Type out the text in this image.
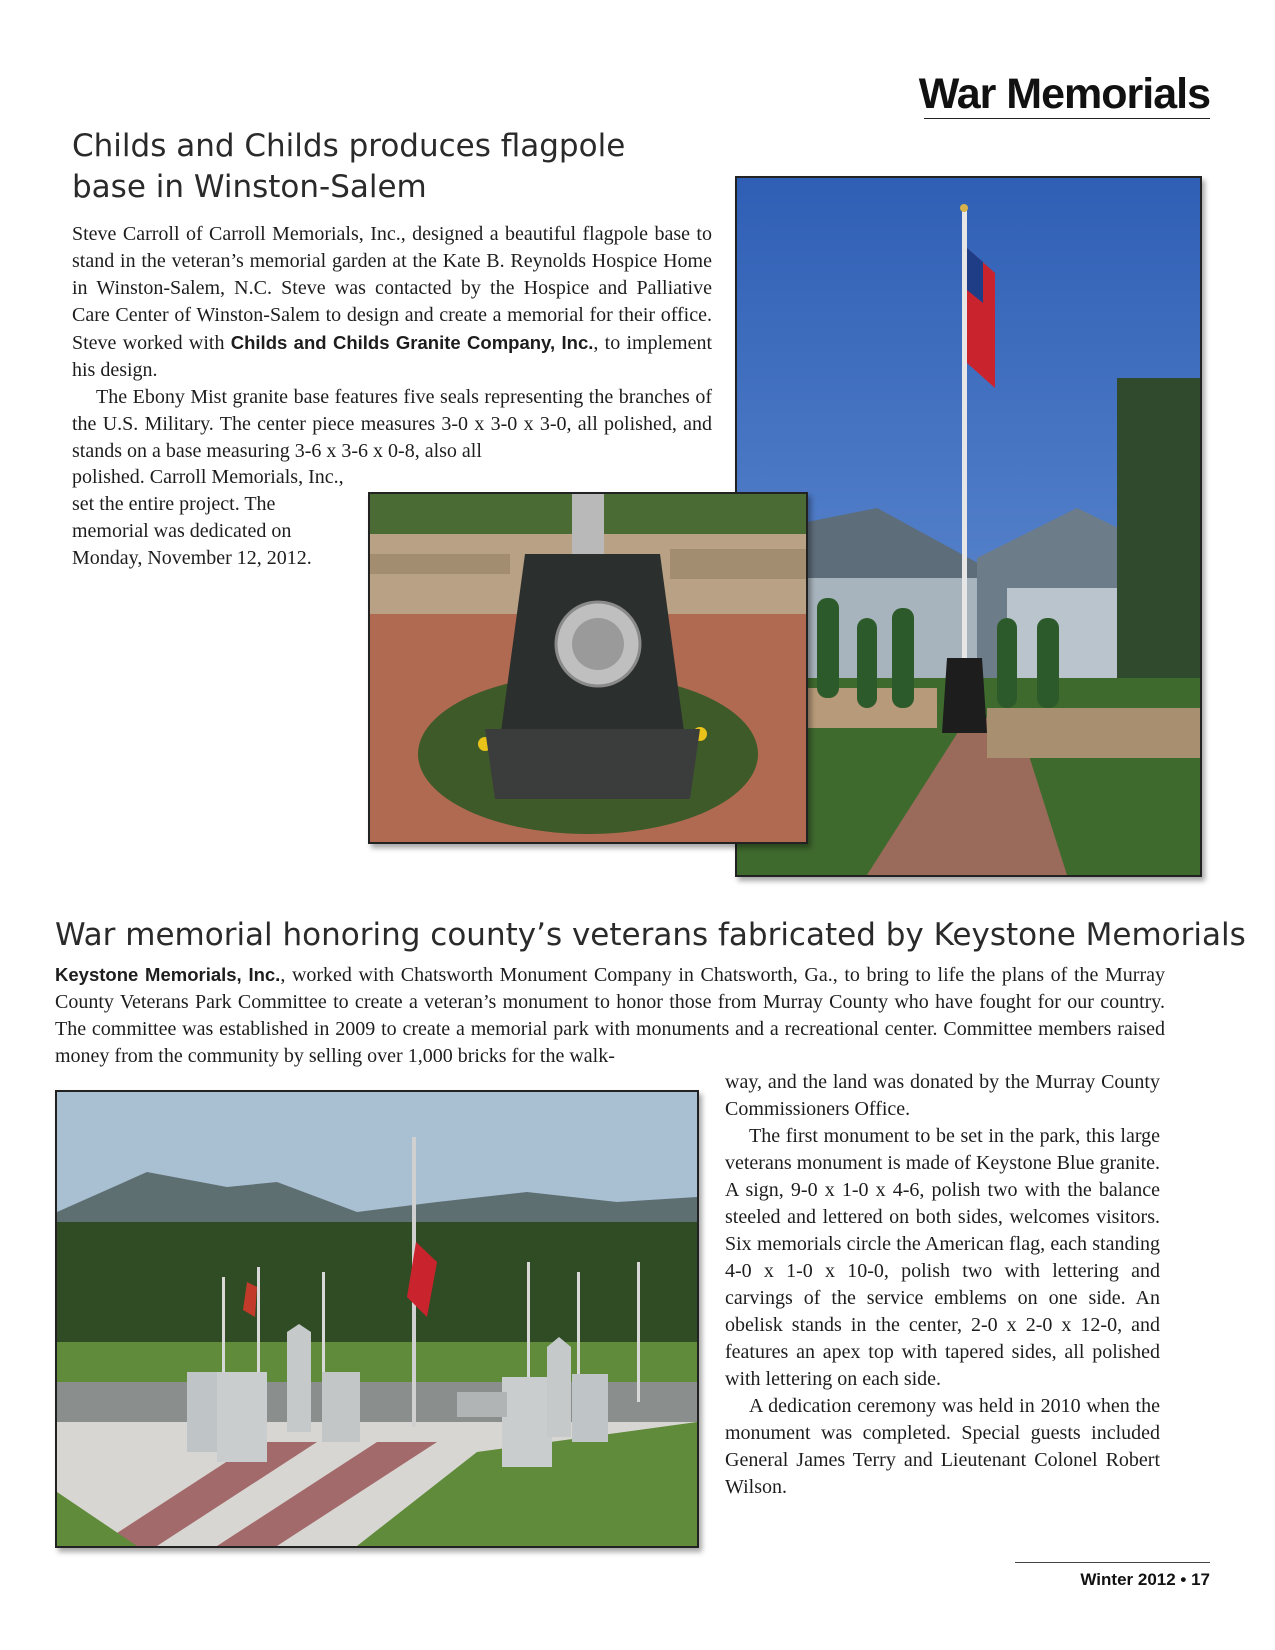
War Memorials
Childs and Childs produces flagpole
base in Winston-Salem

Steve Carroll of Carroll Memorials, Inc., designed a beautiful flagpole base to stand in the veteran’s memorial garden at the Kate B. Reynolds Hospice Home in Winston-Salem, N.C. Steve was contacted by the Hospice and Palliative Care Center of Winston-Salem to design and create a memorial for their office. Steve worked with Childs and Childs Granite Company, Inc., to implement his design.

The Ebony Mist granite base features five seals representing the branches of the U.S. Military. The center piece measures 3-0 x 3-0 x 3-0, all polished, and stands on a base measuring 3-6 x 3-6 x 0-8, also all

polished. Carroll Memorials, Inc., set the entire project. The memorial was dedicated on Monday, November 12, 2012.

War memorial honoring county’s veterans fabricated by Keystone Memorials

Keystone Memorials, Inc., worked with Chatsworth Monument Company in Chatsworth, Ga., to bring to life the plans of the Murray County Veterans Park Committee to create a veteran’s monument to honor those from Murray County who have fought for our country. The committee was established in 2009 to create a memorial park with monuments and a recreational center. Committee members raised money from the community by selling over 1,000 bricks for the walk-

way, and the land was donated by the Murray County Commissioners Office.

The first monument to be set in the park, this large veterans monument is made of Keystone Blue granite. A sign, 9-0 x 1-0 x 4-6, polish two with the balance steeled and lettered on both sides, welcomes visitors. Six memorials circle the American flag, each standing 4-0 x 1-0 x 10-0, polish two with lettering and carvings of the service emblems on one side. An obelisk stands in the center, 2-0 x 2-0 x 12-0, and features an apex top with tapered sides, all polished with lettering on each side.

A dedication ceremony was held in 2010 when the monument was completed. Special guests included General James Terry and Lieutenant Colonel Robert Wilson.

Winter 2012 • 17
